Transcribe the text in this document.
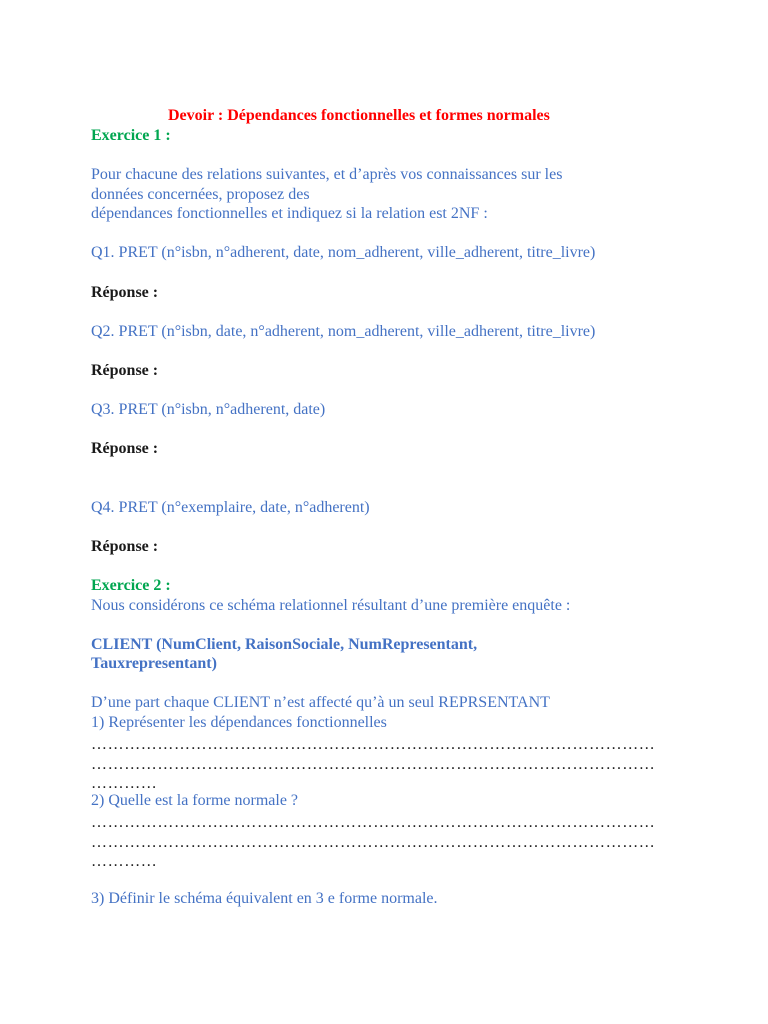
Devoir : Dépendances fonctionnelles et formes normales
Exercice 1 :
Pour chacune des relations suivantes, et d’après vos connaissances sur les
données concernées, proposez des
dépendances fonctionnelles et indiquez si la relation est 2NF :
Q1. PRET (n°isbn, n°adherent, date, nom_adherent, ville_adherent, titre_livre)
Réponse :
Q2. PRET (n°isbn, date, n°adherent, nom_adherent, ville_adherent, titre_livre)
Réponse :
Q3. PRET (n°isbn, n°adherent, date)
Réponse :
Q4. PRET (n°exemplaire, date, n°adherent)
Réponse :
Exercice 2 :
Nous considérons ce schéma relationnel résultant d’une première enquête :
CLIENT (NumClient, RaisonSociale, NumRepresentant,
Tauxrepresentant)
D’une part chaque CLIENT n’est affecté qu’à un seul REPRSENTANT
1) Représenter les dépendances fonctionnelles
…………………………………………………………………………………………
…………………………………………………………………………………………
…………
2) Quelle est la forme normale ?
…………………………………………………………………………………………
…………………………………………………………………………………………
…………
3) Définir le schéma équivalent en 3 e forme normale.
